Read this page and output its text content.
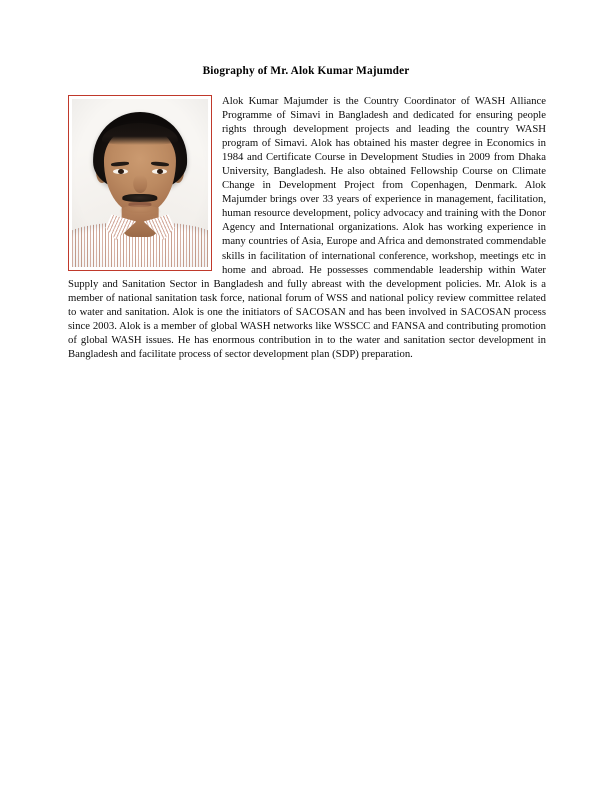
Biography of Mr. Alok Kumar Majumder

Alok Kumar Majumder is the Country Coordinator of WASH Alliance Programme of Simavi in Bangladesh and dedicated for ensuring people rights through development projects and leading the country WASH program of Simavi. Alok has obtained his master degree in Economics in 1984 and Certificate Course in Development Studies in 2009 from Dhaka University, Bangladesh. He also obtained Fellowship Course on Climate Change in Development Project from Copenhagen, Denmark. Alok Majumder brings over 33 years of experience in management, facilitation, human resource development, policy advocacy and training with the Donor Agency and International organizations. Alok has working experience in many countries of Asia, Europe and Africa and demonstrated commendable skills in facilitation of international conference, workshop, meetings etc in home and abroad. He possesses commendable leadership within Water Supply and Sanitation Sector in Bangladesh and fully abreast with the development policies. Mr. Alok is a member of national sanitation task force, national forum of WSS and national policy review committee related to water and sanitation. Alok is one the initiators of SACOSAN and has been involved in SACOSAN process since 2003. Alok is a member of global WASH networks like WSSCC and FANSA and contributing promotion of global WASH issues. He has enormous contribution in to the water and sanitation sector development in Bangladesh and facilitate process of sector development plan (SDP) preparation.
